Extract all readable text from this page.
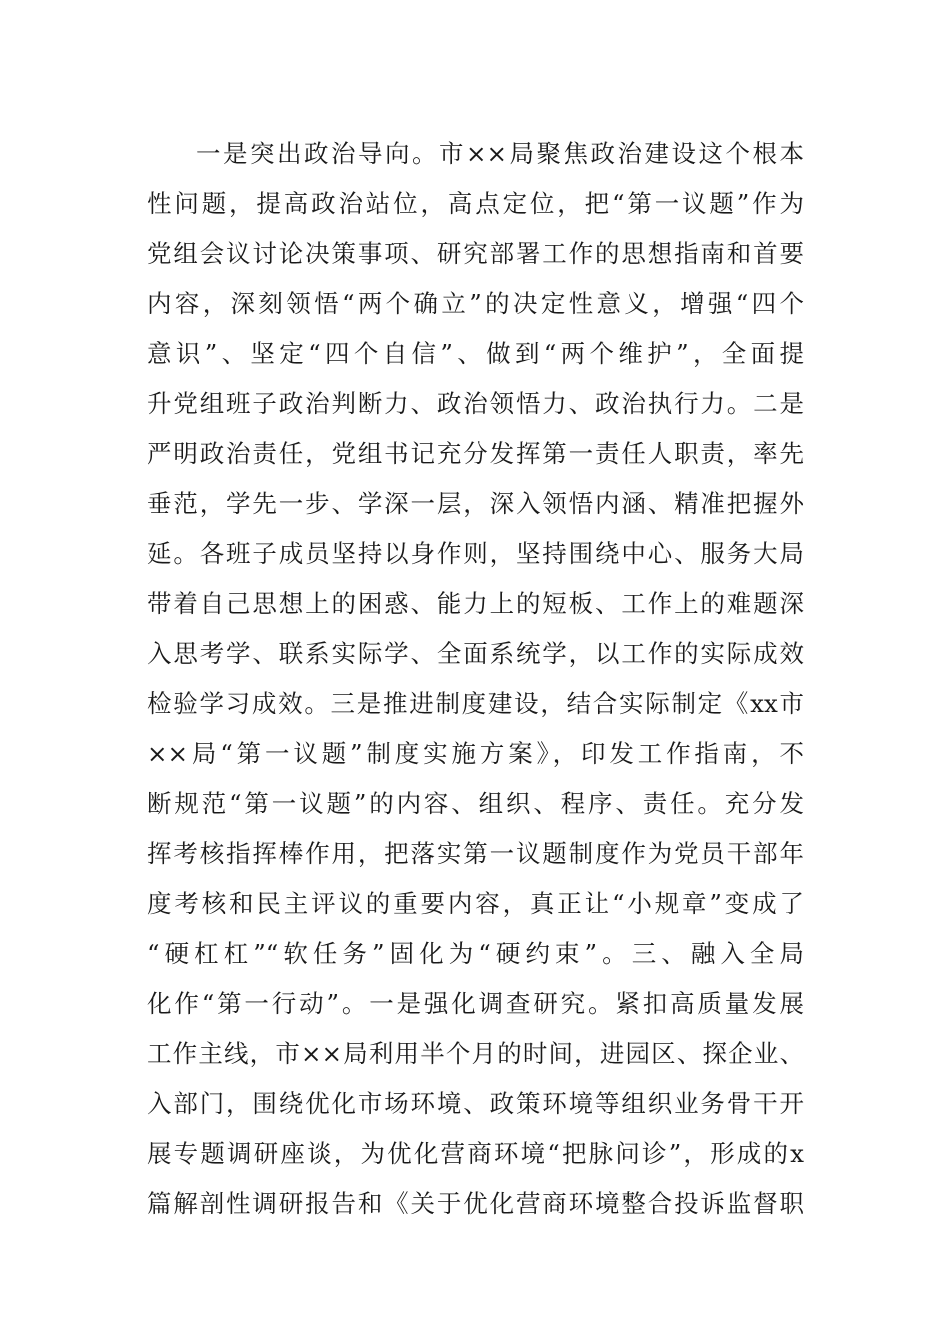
一是突出政治导向。市××局聚焦政治建设这个根本
性问题，提高政治站位，高点定位，把“第一议题”作为
党组会议讨论决策事项、研究部署工作的思想指南和首要
内容，深刻领悟“两个确立”的决定性意义，增强“四个
意识”、坚定“四个自信”、做到“两个维护”，全面提
升党组班子政治判断力、政治领悟力、政治执行力。二是
严明政治责任，党组书记充分发挥第一责任人职责，率先
垂范，学先一步、学深一层，深入领悟内涵、精准把握外
延。各班子成员坚持以身作则，坚持围绕中心、服务大局
带着自己思想上的困惑、能力上的短板、工作上的难题深
入思考学、联系实际学、全面系统学，以工作的实际成效
检验学习成效。三是推进制度建设，结合实际制定《xx市
××局“第一议题”制度实施方案》，印发工作指南，不
断规范“第一议题”的内容、组织、程序、责任。充分发
挥考核指挥棒作用，把落实第一议题制度作为党员干部年
度考核和民主评议的重要内容，真正让“小规章”变成了
“硬杠杠”“软任务”固化为“硬约束”。三、融入全局
化作“第一行动”。一是强化调查研究。紧扣高质量发展
工作主线，市××局利用半个月的时间，进园区、探企业、
入部门，围绕优化市场环境、政策环境等组织业务骨干开
展专题调研座谈，为优化营商环境“把脉问诊”，形成的x
篇解剖性调研报告和《关于优化营商环境整合投诉监督职
